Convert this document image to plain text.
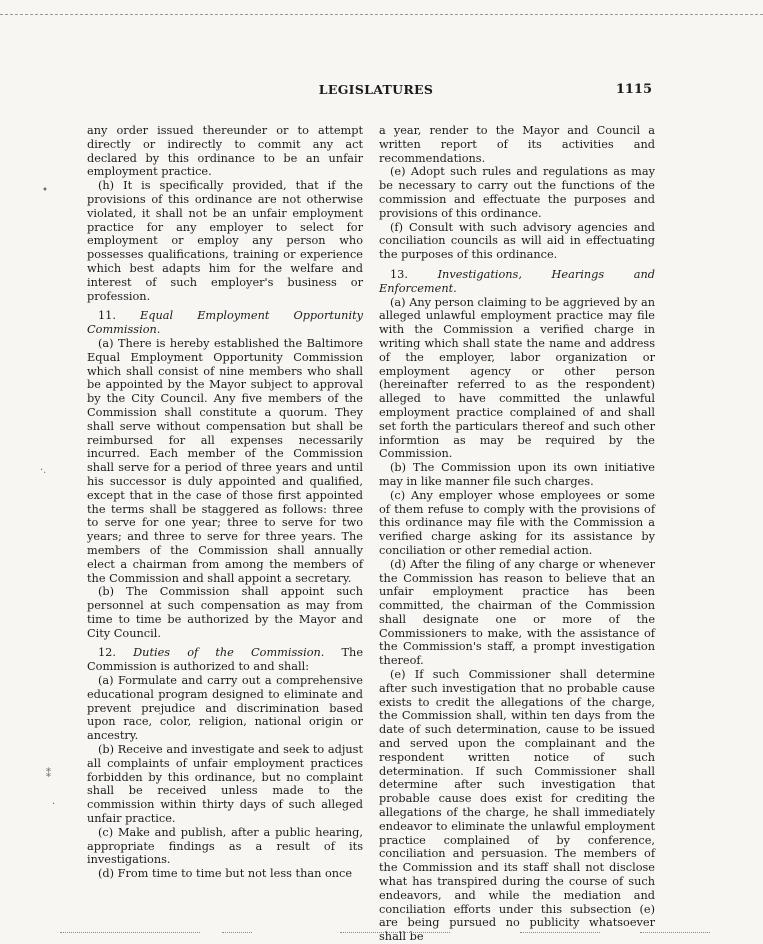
•
·.
⁑
·
LEGISLATURES	1115

any order issued thereunder or to attempt directly or indirectly to commit any act declared by this ordinance to be an unfair employment practice.

(h) It is specifically provided, that if the provisions of this ordinance are not otherwise violated, it shall not be an unfair employment practice for any employer to select for employment or employ any person who possesses qualifications, training or experience which best adapts him for the welfare and interest of such employer's business or profession.

11. Equal Employment Opportunity Commission.

(a) There is hereby established the Baltimore Equal Employment Opportunity Commission which shall consist of nine members who shall be appointed by the Mayor subject to approval by the City Council. Any five members of the Commission shall constitute a quorum. They shall serve without compensation but shall be reimbursed for all expenses necessarily incurred. Each member of the Commission shall serve for a period of three years and until his successor is duly appointed and qualified, except that in the case of those first appointed the terms shall be staggered as follows: three to serve for one year; three to serve for two years; and three to serve for three years. The members of the Commission shall annually elect a chairman from among the members of the Commission and shall appoint a secretary.

(b) The Commission shall appoint such personnel at such compensation as may from time to time be authorized by the Mayor and City Council.

12. Duties of the Commission. The Commission is authorized to and shall:

(a) Formulate and carry out a comprehensive educational program designed to eliminate and prevent prejudice and discrimination based upon race, color, religion, national origin or ancestry.

(b) Receive and investigate and seek to adjust all complaints of unfair employment practices forbidden by this ordinance, but no complaint shall be received unless made to the commission within thirty days of such alleged unfair practice.

(c) Make and publish, after a public hearing, appropriate findings as a result of its investigations.

(d) From time to time but not less than once

a year, render to the Mayor and Council a written report of its activities and recommendations.

(e) Adopt such rules and regulations as may be necessary to carry out the functions of the commission and effectuate the purposes and provisions of this ordinance.

(f) Consult with such advisory agencies and conciliation councils as will aid in effectuating the purposes of this ordinance.

13.	Investigations, Hearings and Enforcement.

(a) Any person claiming to be aggrieved by an alleged unlawful employment practice may file with the Commission a verified charge in writing which shall state the name and address of the employer, labor organization or employment agency or other person (hereinafter referred to as the respondent) alleged to have committed the unlawful employment practice complained of and shall set forth the particulars thereof and such other informtion as may be required by the Commission.

(b) The Commission upon its own initiative may in like manner file such charges.

(c) Any employer whose employees or some of them refuse to comply with the provisions of this ordinance may file with the Commission a verified charge asking for its assistance by conciliation or other remedial action.

(d) After the filing of any charge or whenever the Commission has reason to believe that an unfair employment practice has been committed, the chairman of the Commission shall designate one or more of the Commissioners to make, with the assistance of the Commission's staff, a prompt investigation thereof.

(e) If such Commissioner shall determine after such investigation that no probable cause exists to credit the allegations of the charge, the Commission shall, within ten days from the date of such determination, cause to be issued and served upon the complainant and the respondent written notice of such determination. If such Commissioner shall determine after such investigation that probable cause does exist for crediting the allegations of the charge, he shall immediately endeavor to eliminate the unlawful employment practice complained of by conference, conciliation and persuasion. The members of the Commission and its staff shall not disclose what has transpired during the course of such endeavors, and while the mediation and conciliation efforts under this subsection (e) are being pursued no publicity whatsoever shall be
